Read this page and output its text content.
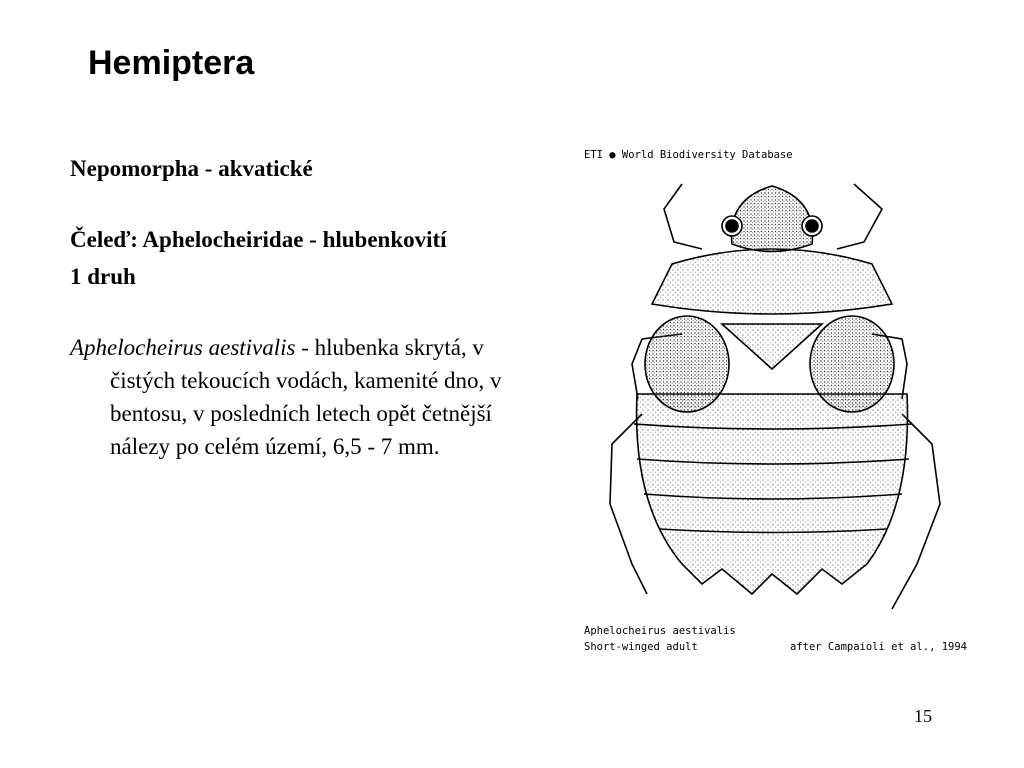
Hemiptera

Nepomorpha - akvatické

Čeleď: Aphelocheiridae - hlubenkovití

1 druh

Aphelocheirus aestivalis - hlubenka skrytá, v čistých tekoucích vodách, kamenité dno, v bentosu, v posledních letech opět četnější nálezy po celém území, 6,5 - 7 mm.

ETI ● World Biodiversity Database
Aphelocheirus aestivalis
Short-winged adult	after Campaioli et al., 1994
15
